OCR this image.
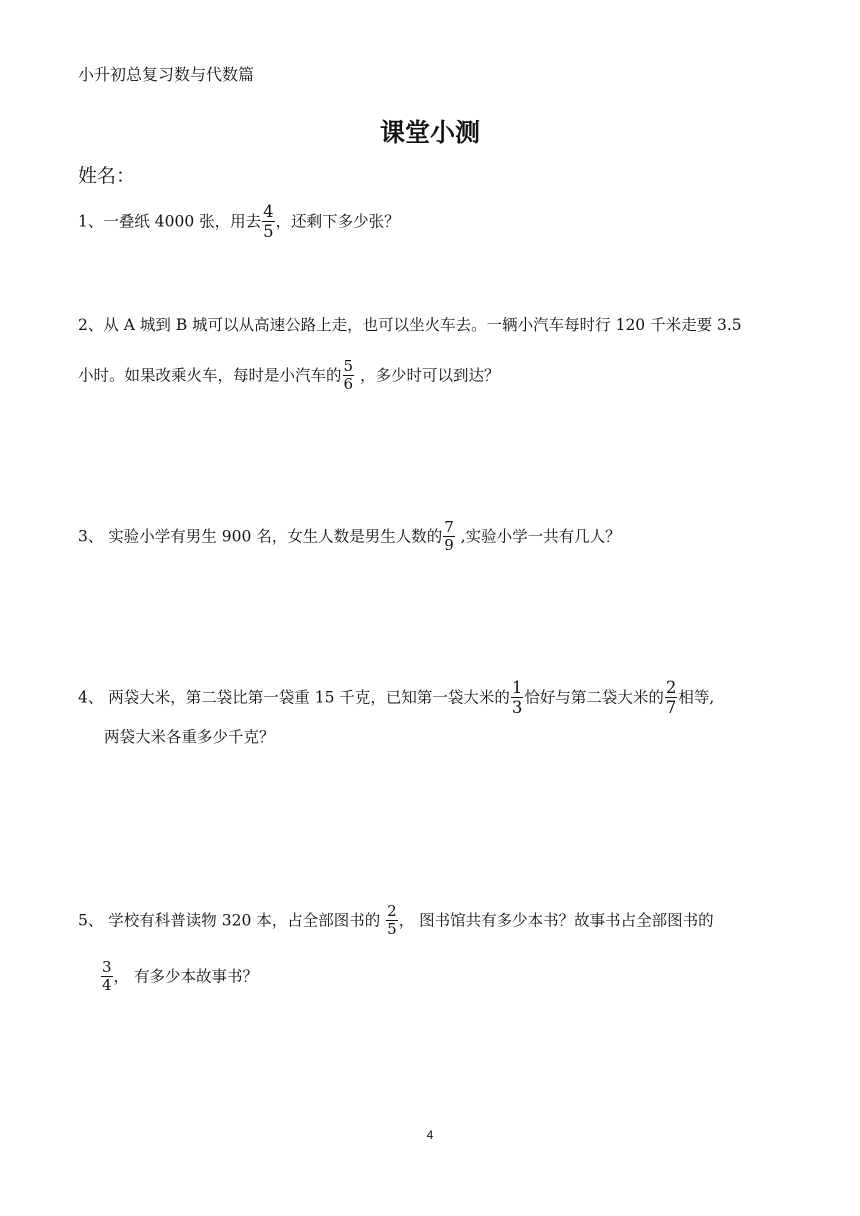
小升初总复习数与代数篇
课堂小测
姓名：
1、一叠纸 4000 张，用去 $\frac{4}{5}$ ，还剩下多少张？
2、从 A 城到 B 城可以从高速公路上走，也可以坐火车去。一辆小汽车每时行 120 千米走要 3.5
小时。如果改乘火车，每时是小汽车的 $\frac{5}{6}$ ，多少时可以到达？
3、 实验小学有男生 900 名，女生人数是男生人数的 $\frac{7}{9}$ ,实验小学一共有几人？
4、 两袋大米，第二袋比第一袋重 15 千克，已知第一袋大米的 $\frac{1}{3}$ 恰好与第二袋大米的 $\frac{2}{7}$ 相等,
两袋大米各重多少千克？
5、 学校有科普读物 320 本，占全部图书的 $\frac{2}{5}$ ， 图书馆共有多少本书？故事书占全部图书的
$\frac{3}{4}$ ， 有多少本故事书？
4
